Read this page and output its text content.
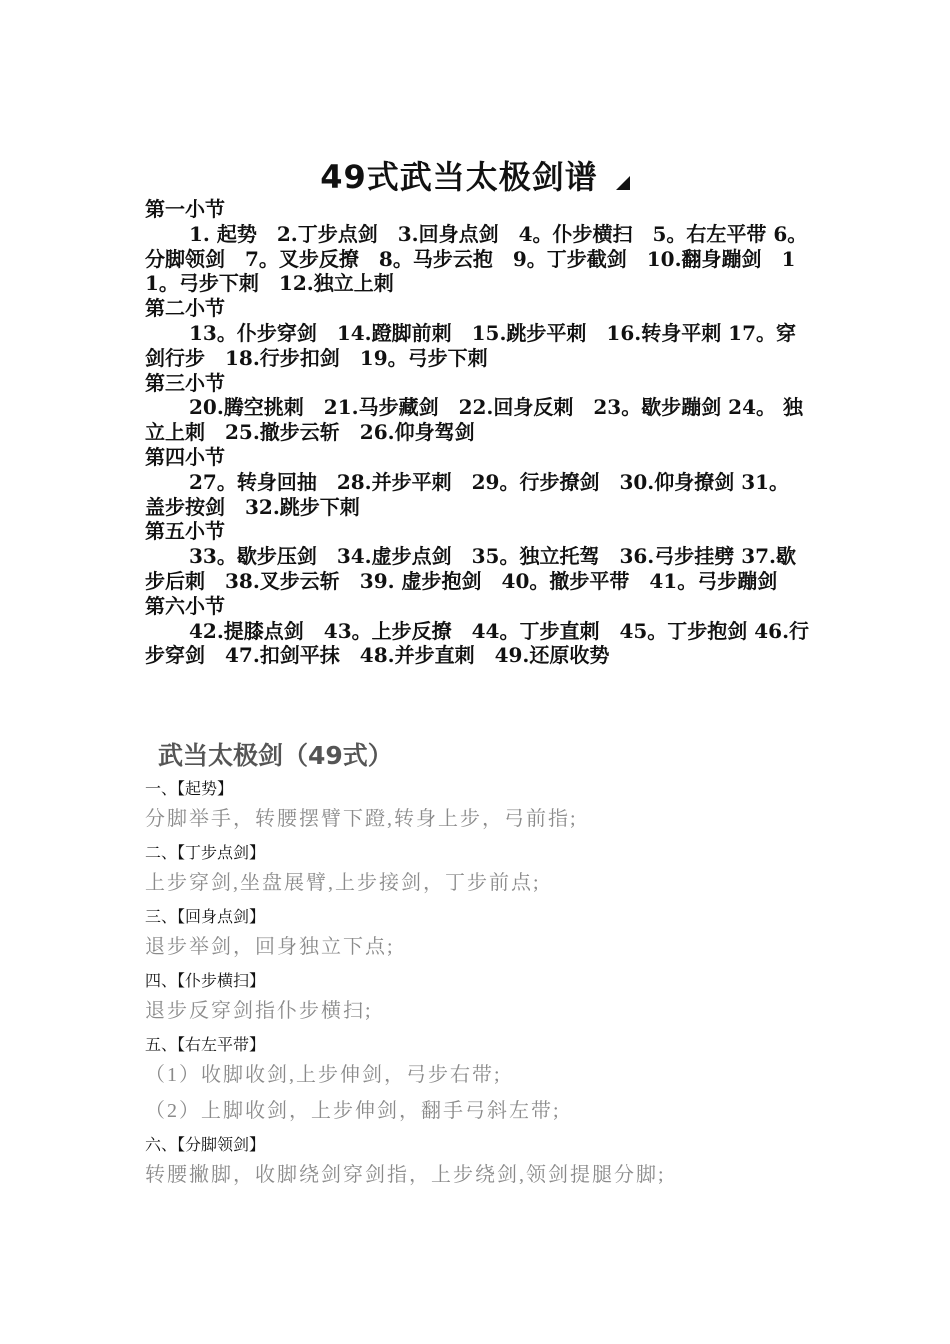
49式武当太极剑谱

第一小节

1. 起势　2.丁步点剑　3.回身点剑　4。仆步横扫　5。右左平带 6。分脚领剑　7。叉步反撩　8。马步云抱　9。丁步截剑　10.翻身蹦剑　11。弓步下刺　12.独立上刺

第二小节

13。仆步穿剑　14.蹬脚前刺　15.跳步平刺　16.转身平刺 17。穿剑行步　18.行步扣剑　19。弓步下刺

第三小节

20.腾空挑刺　21.马步藏剑　22.回身反刺　23。歇步蹦剑 24。 独立上刺　25.撤步云斩　26.仰身驾剑

第四小节

27。转身回抽　28.并步平刺　29。行步撩剑　30.仰身撩剑 31。 盖步按剑　32.跳步下刺

第五小节

33。歇步压剑　34.虚步点剑　35。独立托驾　36.弓步挂劈 37.歇步后刺　38.叉步云斩　39. 虚步抱剑　40。撤步平带　41。弓步蹦剑

第六小节

42.提膝点剑　43。上步反撩　44。丁步直刺　45。丁步抱剑 46.行步穿剑　47.扣剑平抹　48.并步直刺　49.还原收势

武当太极剑（49式）

一、【起势】

分脚举手，转腰摆臂下蹬,转身上步，弓前指;

二、【丁步点剑】

上步穿剑,坐盘展臂,上步接剑，丁步前点;

三、【回身点剑】

退步举剑，回身独立下点;

四、【仆步横扫】

退步反穿剑指仆步横扫;

五、【右左平带】

（1）收脚收剑,上步伸剑，弓步右带;

（2）上脚收剑，上步伸剑，翻手弓斜左带;

六、【分脚领剑】

转腰撇脚，收脚绕剑穿剑指，上步绕剑,领剑提腿分脚;
